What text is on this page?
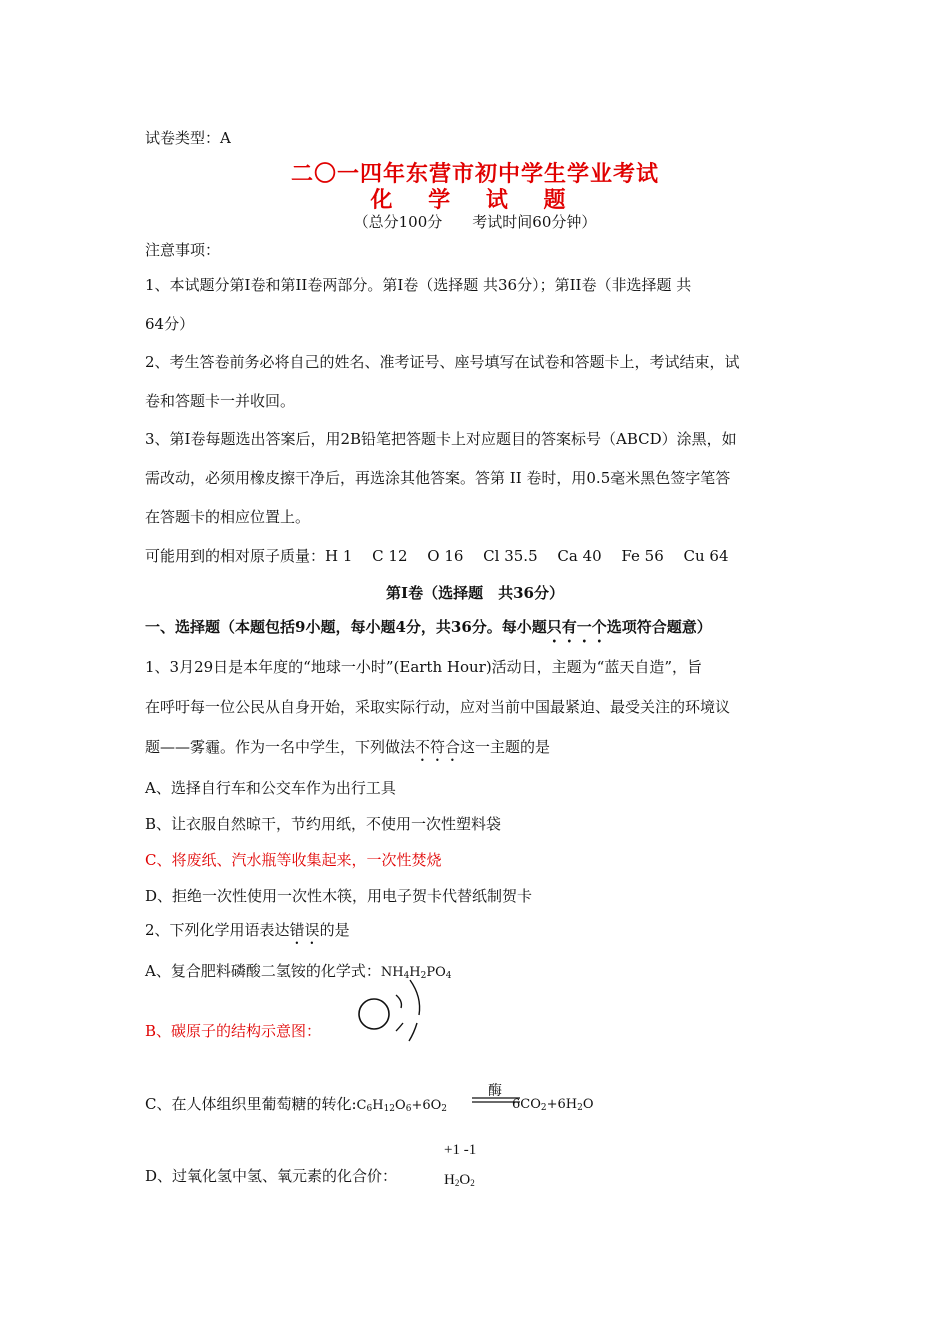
试卷类型：A
二〇一四年东营市初中学生学业考试
化 学 试 题
（总分100分　　考试时间60分钟）
注意事项：
1、本试题分第Ⅰ卷和第II卷两部分。第Ⅰ卷（选择题 共36分）；第II卷（非选择题 共
64分）
2、考生答卷前务必将自己的姓名、准考证号、座号填写在试卷和答题卡上，考试结束，试
卷和答题卡一并收回。
3、第Ⅰ卷每题选出答案后，用2B铅笔把答题卡上对应题目的答案标号（ABCD）涂黑，如
需改动，必须用橡皮擦干净后，再选涂其他答案。答第 II 卷时，用0.5毫米黑色签字笔答
在答题卡的相应位置上。
可能用到的相对原子质量：H 1　 C 12　 O 16　 Cl 35.5　 Ca 40　 Fe 56　 Cu 64
第Ⅰ卷（选择题　共36分）
一、选择题（本题包括9小题，每小题4分，共36分。每小题只有一个选项符合题意）
1、3月29日是本年度的“地球一小时”(Earth Hour)活动日，主题为“蓝天自造”，旨
在呼吁每一位公民从自身开始，采取实际行动，应对当前中国最紧迫、最受关注的环境议
题——雾霾。作为一名中学生，下列做法不符合这一主题的是
A、选择自行车和公交车作为出行工具
B、让衣服自然晾干，节约用纸，不使用一次性塑料袋
C、将废纸、汽水瓶等收集起来，一次性焚烧
D、拒绝一次性使用一次性木筷，用电子贺卡代替纸制贺卡
2、下列化学用语表达错误的是
A、复合肥料磷酸二氢铵的化学式：$NH_4H_2PO_4$
B、碳原子的结构示意图：
C、在人体组织里葡萄糖的转化$:C_6H_{12}O_6+6O_2$
酶
$6CO_2+6H_2O$
+1 -1
D、过氧化氢中氢、氧元素的化合价：	$H_2O_2$
